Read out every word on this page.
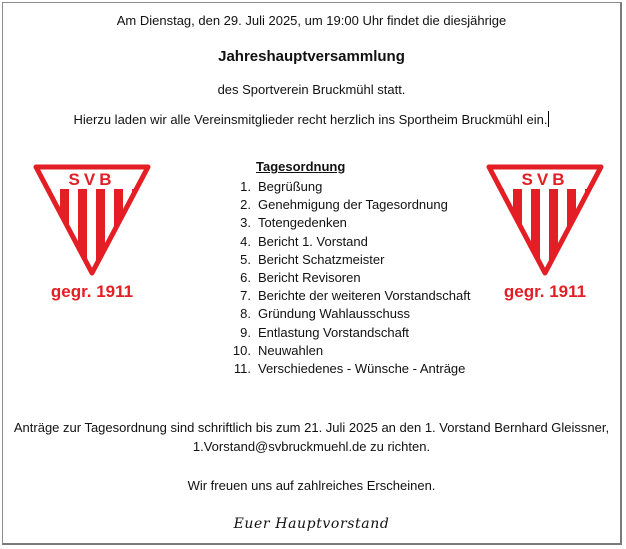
Am Dienstag, den 29. Juli 2025, um 19:00 Uhr findet die diesjährige
Jahreshauptversammlung
des Sportverein Bruckmühl statt.
Hierzu laden wir alle Vereinsmitglieder recht herzlich ins Sportheim Bruckmühl ein.
SVB
gegr. 1911
SVB
gegr. 1911
Tagesordnung
1. Begrüßung
2. Genehmigung der Tagesordnung
3. Totengedenken
4. Bericht 1. Vorstand
5. Bericht Schatzmeister
6. Bericht Revisoren
7. Berichte der weiteren Vorstandschaft
8. Gründung Wahlausschuss
9. Entlastung Vorstandschaft
10. Neuwahlen
11. Verschiedenes - Wünsche - Anträge
Anträge zur Tagesordnung sind schriftlich bis zum 21. Juli 2025 an den 1. Vorstand Bernhard Gleissner,
1.Vorstand@svbruckmuehl.de zu richten.
Wir freuen uns auf zahlreiches Erscheinen.
Euer Hauptvorstand
